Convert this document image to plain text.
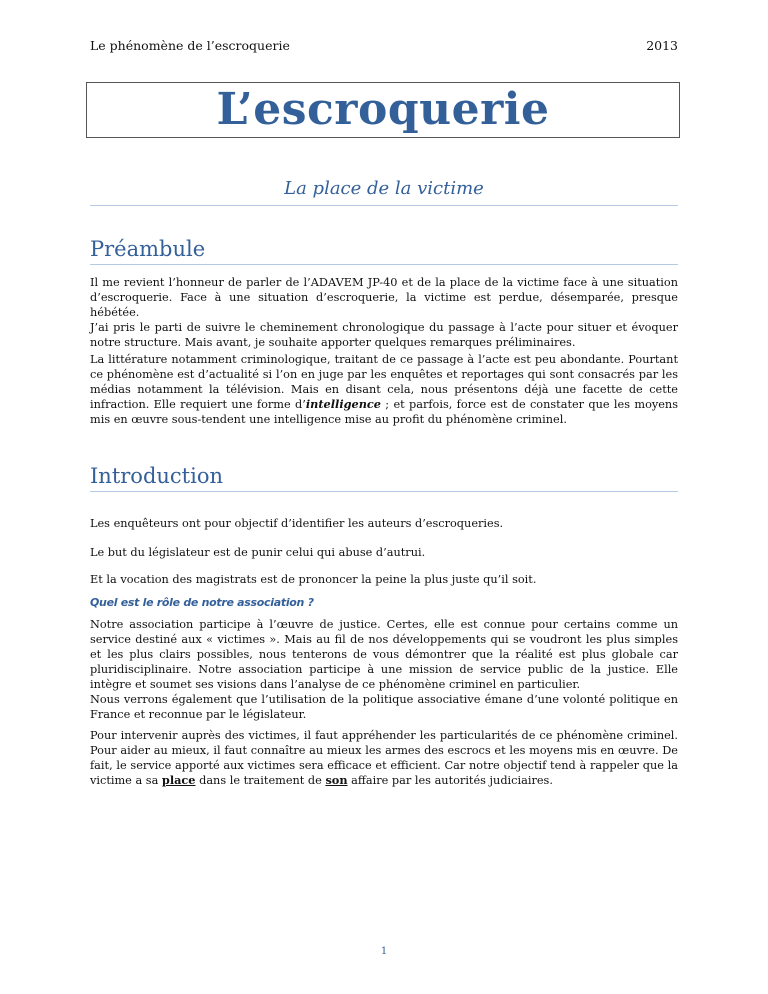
Le phénomène de l’escroquerie	2013
L’escroquerie
La place de la victime
Préambule

Il me revient l’honneur de parler de l’ADAVEM JP-40 et de la place de la victime face à une situation d’escroquerie. Face à une situation d’escroquerie, la victime est perdue, désemparée, presque hébétée.
J’ai pris le parti de suivre le cheminement chronologique du passage à l’acte pour situer et évoquer notre structure. Mais avant, je souhaite apporter quelques remarques préliminaires.

La littérature notamment criminologique, traitant de ce passage à l’acte est peu abondante. Pourtant ce phénomène est d’actualité si l’on en juge par les enquêtes et reportages qui sont consacrés par les médias notamment la télévision. Mais en disant cela, nous présentons déjà une facette de cette infraction. Elle requiert une forme d’intelligence ; et parfois, force est de constater que les moyens mis en œuvre sous-tendent une intelligence mise au profit du phénomène criminel.

Introduction

Les enquêteurs ont pour objectif d’identifier les auteurs d’escroqueries.

Le but du législateur est de punir celui qui abuse d’autrui.

Et la vocation des magistrats est de prononcer la peine la plus juste qu’il soit.

Quel est le rôle de notre association ?

Notre association participe à l’œuvre de justice. Certes, elle est connue pour certains comme un service destiné aux « victimes ». Mais au fil de nos développements qui se voudront les plus simples et les plus clairs possibles, nous tenterons de vous démontrer que la réalité est plus globale car pluridisciplinaire. Notre association participe à une mission de service public de la justice. Elle intègre et soumet ses visions dans l’analyse de ce phénomène criminel en particulier.
Nous verrons également que l’utilisation de la politique associative émane d’une volonté politique en France et reconnue par le législateur.

Pour intervenir auprès des victimes, il faut appréhender les particularités de ce phénomène criminel. Pour aider au mieux, il faut connaître au mieux les armes des escrocs et les moyens mis en œuvre. De fait, le service apporté aux victimes sera efficace et efficient. Car notre objectif tend à rappeler que la victime a sa place dans le traitement de son affaire par les autorités judiciaires.

1
